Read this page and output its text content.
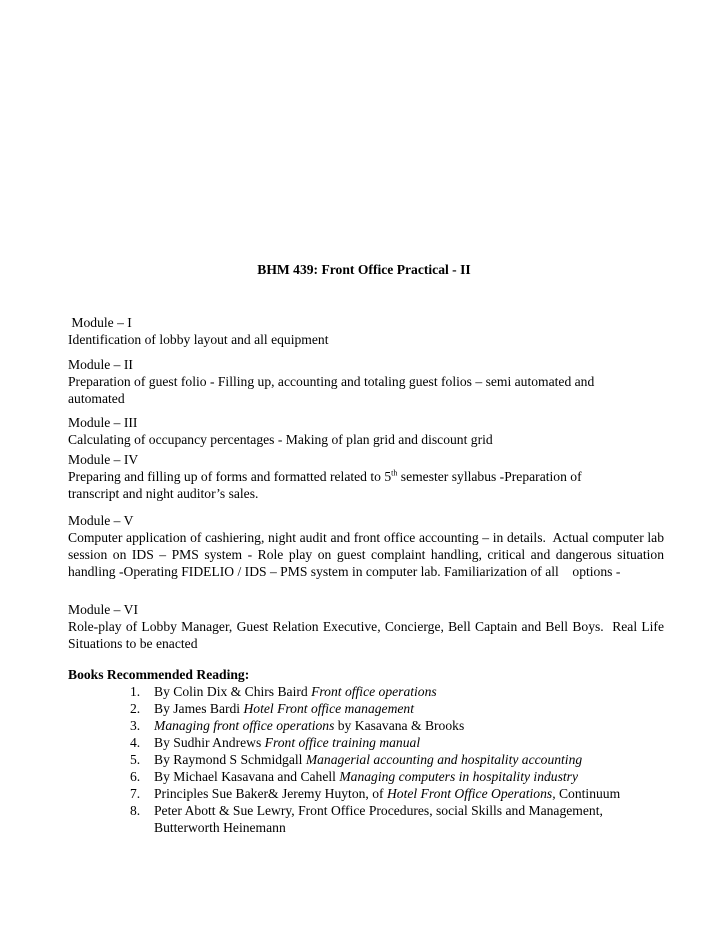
BHM 439: Front Office Practical - II
Module – I
Identification of lobby layout and all equipment
Module – II
Preparation of guest folio - Filling up, accounting and totaling guest folios – semi automated and automated
Module – III
Calculating of occupancy percentages - Making of plan grid and discount grid
Module – IV
Preparing and filling up of forms and formatted related to 5th semester syllabus -Preparation of transcript and night auditor’s sales.
Module – V
Computer application of cashiering, night audit and front office accounting – in details.  Actual computer lab session on IDS – PMS system - Role play on guest complaint handling, critical and dangerous situation handling -Operating FIDELIO / IDS – PMS system in computer lab. Familiarization of all    options -
Module – VI
Role-play of Lobby Manager, Guest Relation Executive, Concierge, Bell Captain and Bell Boys.  Real Life Situations to be enacted
Books Recommended Reading:
1. By Colin Dix & Chirs Baird Front office operations
2. By James Bardi Hotel Front office management
3. Managing front office operations by Kasavana & Brooks
4. By Sudhir Andrews Front office training manual
5. By Raymond S Schmidgall Managerial accounting and hospitality accounting
6. By Michael Kasavana and Cahell Managing computers in hospitality industry
7. Principles Sue Baker& Jeremy Huyton, of Hotel Front Office Operations, Continuum
8. Peter Abott & Sue Lewry, Front Office Procedures, social Skills and Management, Butterworth Heinemann
